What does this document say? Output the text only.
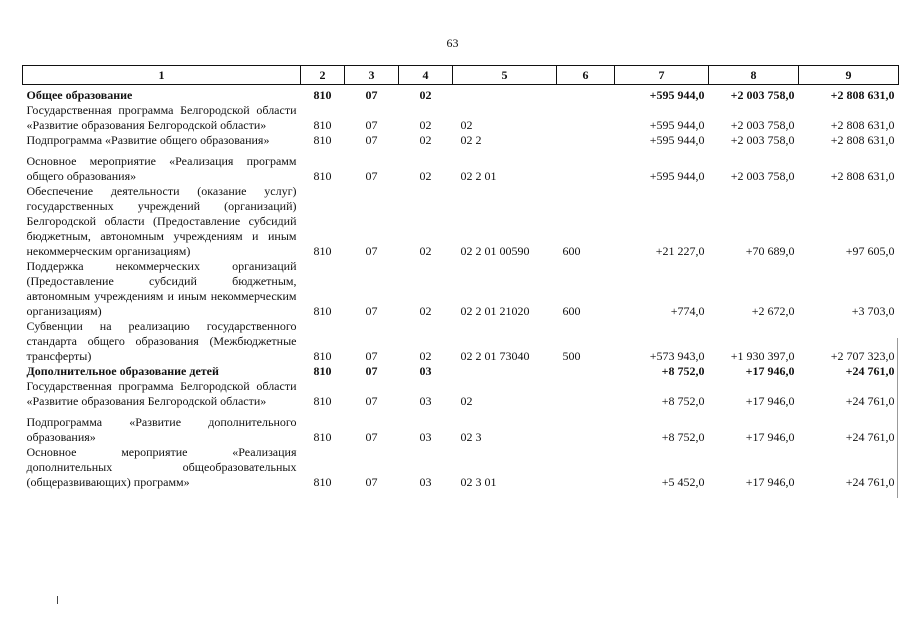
63
1	2	3	4	5	6	7	8	9
Общее образование	810	07	02			+595 944,0	+2 003 758,0	+2 808 631,0
Государственная программа Белгородской области «Развитие образования Белгородской области»	810	07	02	02		+595 944,0	+2 003 758,0	+2 808 631,0
Подпрограмма «Развитие общего образования»	810	07	02	02 2		+595 944,0	+2 003 758,0	+2 808 631,0
Основное мероприятие «Реализация программ общего образования»	810	07	02	02 2 01		+595 944,0	+2 003 758,0	+2 808 631,0
Обеспечение деятельности (оказание услуг) государственных учреждений (организаций) Белгородской области (Предоставление субсидий бюджетным, автономным учреждениям и иным некоммерческим организациям)	810	07	02	02 2 01 00590	600	+21 227,0	+70 689,0	+97 605,0
Поддержка некоммерческих организаций (Предоставление субсидий бюджетным, автономным учреждениям и иным некоммерческим организациям)	810	07	02	02 2 01 21020	600	+774,0	+2 672,0	+3 703,0
Субвенции на реализацию государственного стандарта общего образования (Межбюджетные трансферты)	810	07	02	02 2 01 73040	500	+573 943,0	+1 930 397,0	+2 707 323,0
Дополнительное образование детей	810	07	03			+8 752,0	+17 946,0	+24 761,0
Государственная программа Белгородской области «Развитие образования Белгородской области»	810	07	03	02		+8 752,0	+17 946,0	+24 761,0
Подпрограмма «Развитие дополнительного образования»	810	07	03	02 3		+8 752,0	+17 946,0	+24 761,0
Основное мероприятие «Реализация дополнительных общеобразовательных (общеразвивающих) программ»	810	07	03	02 3 01		+5 452,0	+17 946,0	+24 761,0
